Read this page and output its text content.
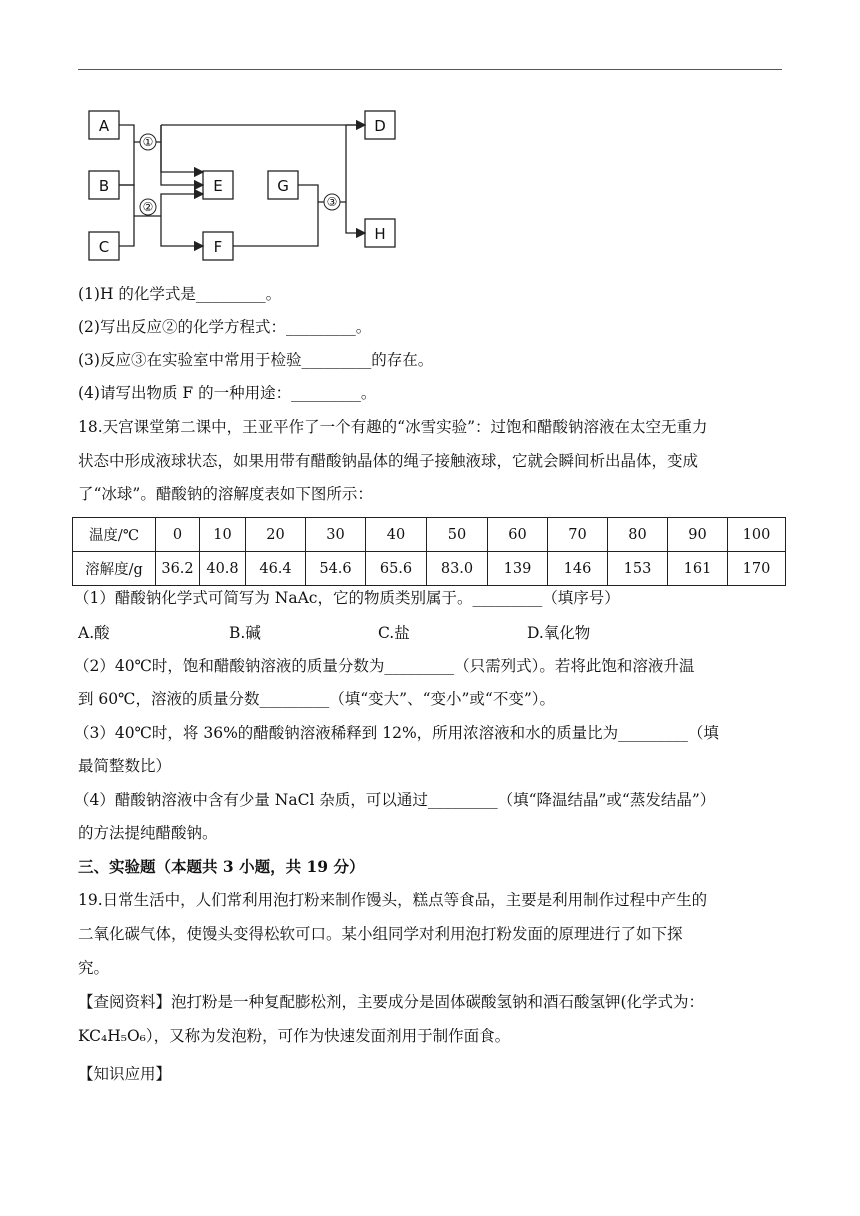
A
B
C
D
E
F
G
H
①
②	③
(1)H 的化学式是_________。
(2)写出反应②的化学方程式：_________。
(3)反应③在实验室中常用于检验_________的存在。
(4)请写出物质 F 的一种用途：_________。
18.天宫课堂第二课中，王亚平作了一个有趣的“冰雪实验”：过饱和醋酸钠溶液在太空无重力
状态中形成液球状态，如果用带有醋酸钠晶体的绳子接触液球，它就会瞬间析出晶体，变成
了“冰球”。醋酸钠的溶解度表如下图所示：
温度/℃	0	10	20	30	40	50	60	70	80	90	100
溶解度/g	36.2	40.8	46.4	54.6	65.6	83.0	139	146	153	161	170
（1）醋酸钠化学式可简写为 NaAc，它的物质类别属于。_________（填序号）
A.酸	B.碱	C.盐	D.氧化物
（2）40℃时，饱和醋酸钠溶液的质量分数为_________（只需列式）。若将此饱和溶液升温
到 60℃，溶液的质量分数_________（填“变大”、“变小”或“不变”）。
（3）40℃时，将 36%的醋酸钠溶液稀释到 12%，所用浓溶液和水的质量比为_________（填
最简整数比）
（4）醋酸钠溶液中含有少量 NaCl 杂质，可以通过_________（填“降温结晶”或“蒸发结晶”）
的方法提纯醋酸钠。
三、实验题（本题共 3 小题，共 19 分）
19.日常生活中，人们常利用泡打粉来制作馒头，糕点等食品，主要是利用制作过程中产生的
二氧化碳气体，使馒头变得松软可口。某小组同学对利用泡打粉发面的原理进行了如下探
究。
【查阅资料】泡打粉是一种复配膨松剂，主要成分是固体碳酸氢钠和酒石酸氢钾(化学式为：
KC₄H₅O₆），又称为发泡粉，可作为快速发面剂用于制作面食。
【知识应用】
